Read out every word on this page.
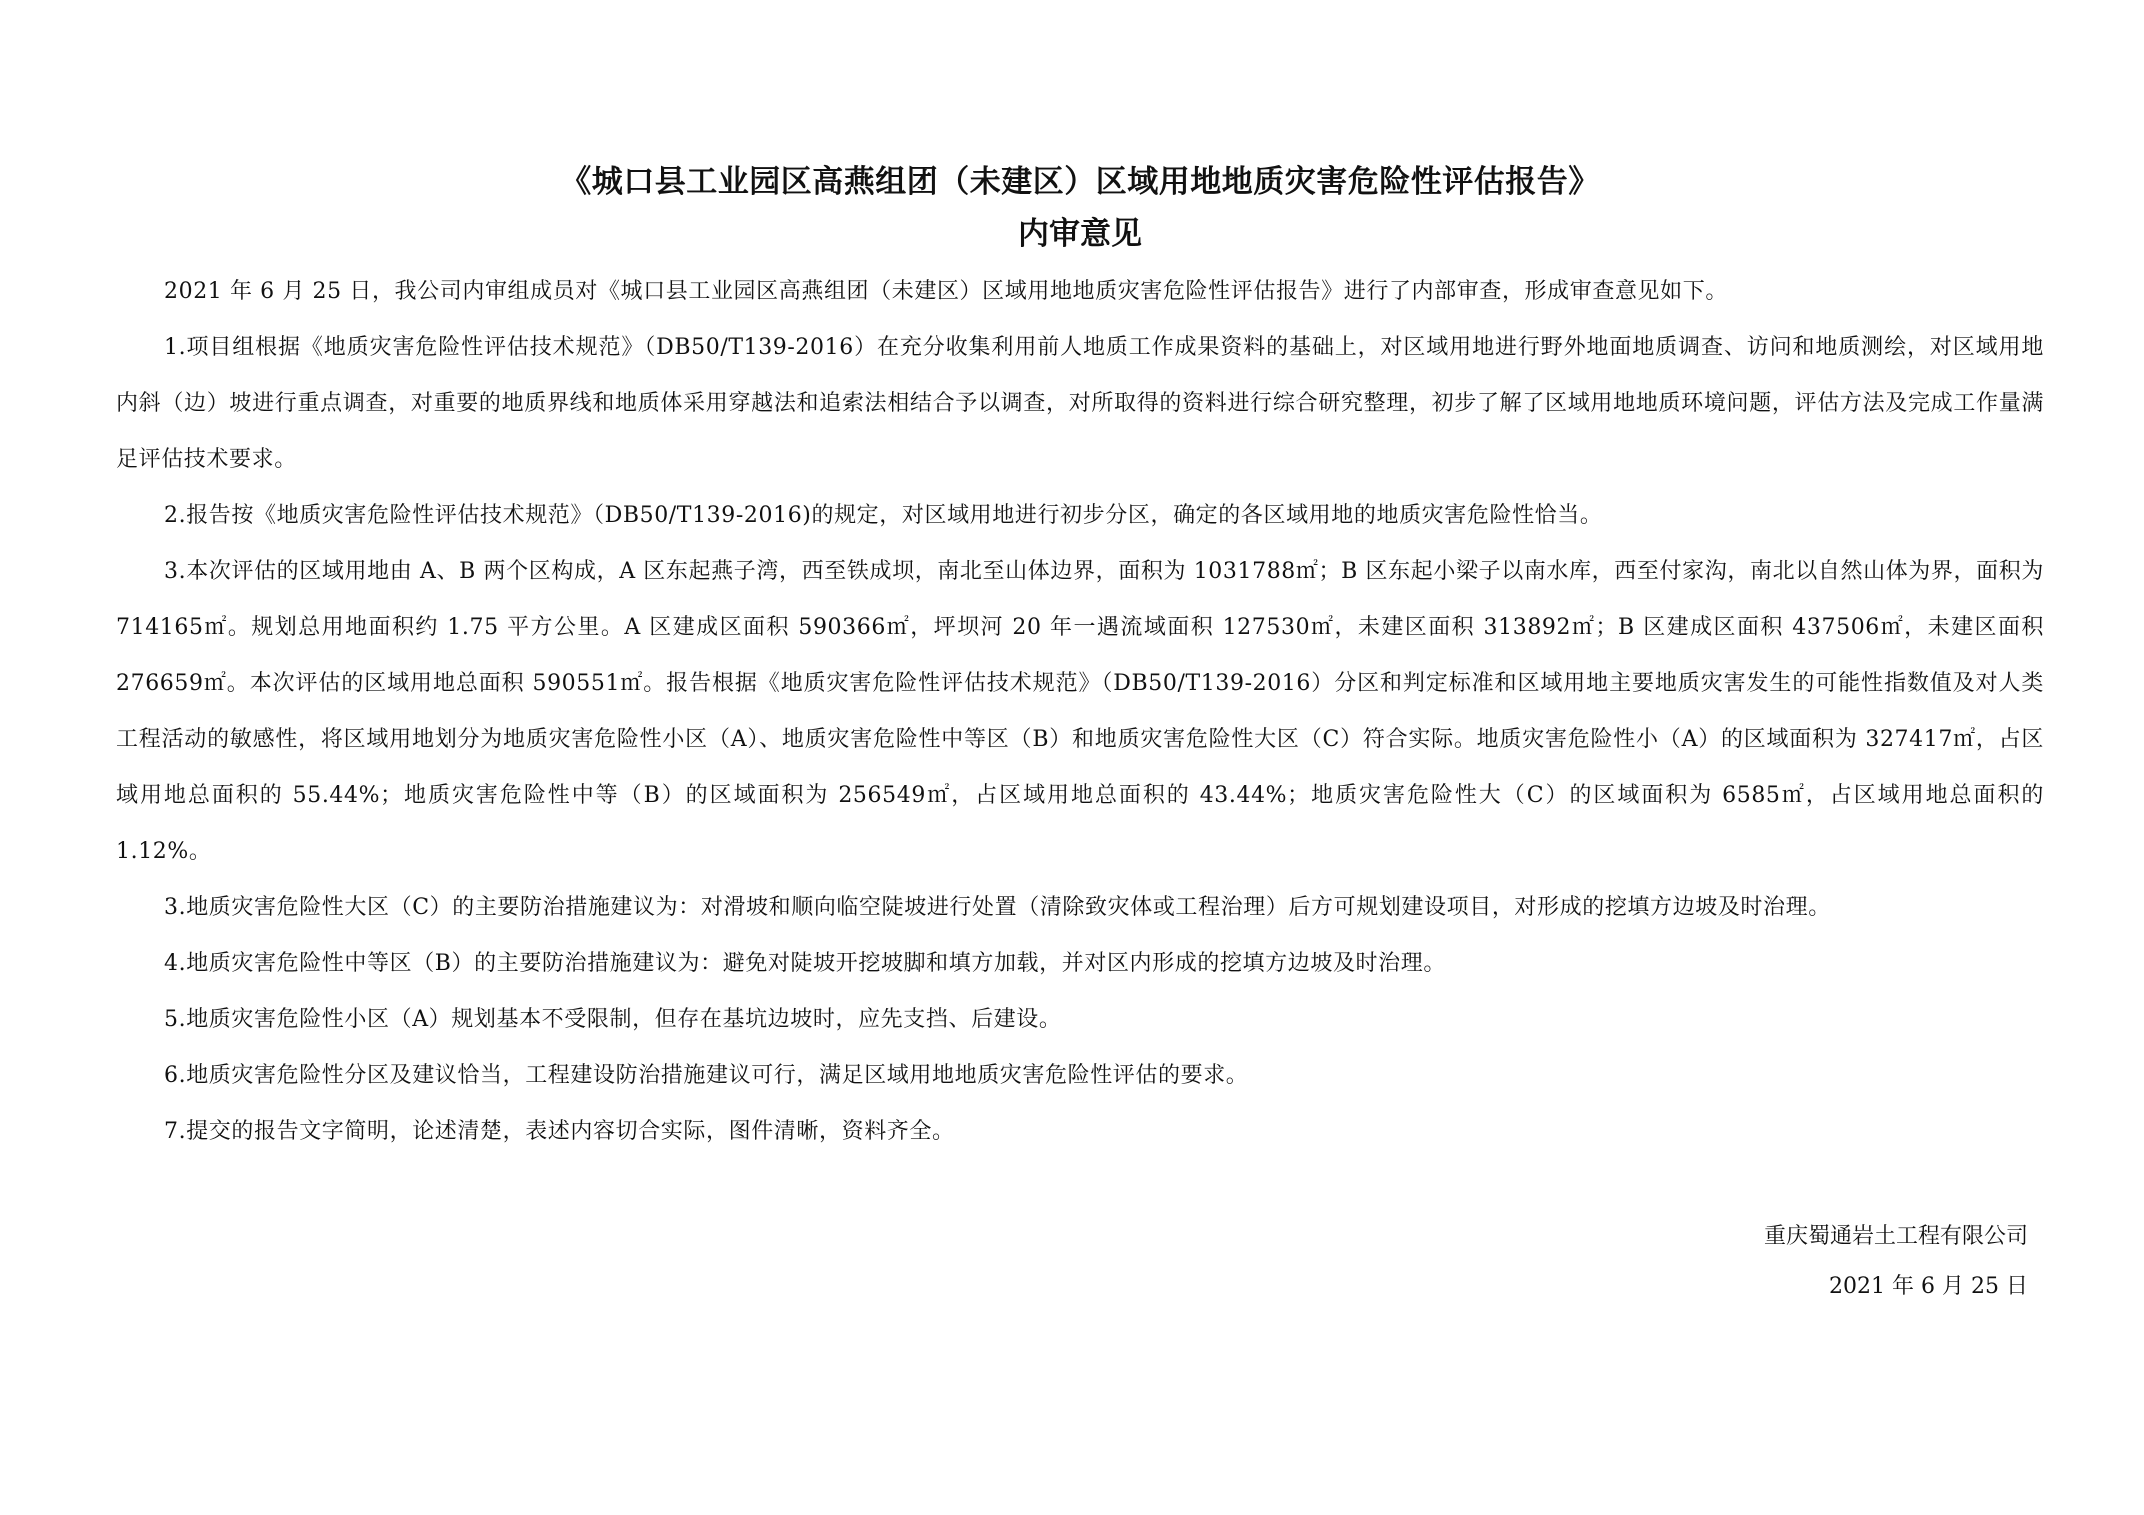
《城口县工业园区高燕组团（未建区）区域用地地质灾害危险性评估报告》
内审意见

2021 年 6 月 25 日，我公司内审组成员对《城口县工业园区高燕组团（未建区）区域用地地质灾害危险性评估报告》进行了内部审查，形成审查意见如下。

1.项目组根据《地质灾害危险性评估技术规范》（DB50/T139-2016）在充分收集利用前人地质工作成果资料的基础上，对区域用地进行野外地面地质调查、访问和地质测绘，对区域用地内斜（边）坡进行重点调查，对重要的地质界线和地质体采用穿越法和追索法相结合予以调查，对所取得的资料进行综合研究整理，初步了解了区域用地地质环境问题，评估方法及完成工作量满足评估技术要求。

2.报告按《地质灾害危险性评估技术规范》（DB50/T139-2016)的规定，对区域用地进行初步分区，确定的各区域用地的地质灾害危险性恰当。

3.本次评估的区域用地由 A、B 两个区构成，A 区东起燕子湾，西至铁成坝，南北至山体边界，面积为 1031788㎡；B 区东起小梁子以南水库，西至付家沟，南北以自然山体为界，面积为 714165㎡。规划总用地面积约 1.75 平方公里。A 区建成区面积 590366㎡，坪坝河 20 年一遇流域面积 127530㎡，未建区面积 313892㎡；B 区建成区面积 437506㎡，未建区面积 276659㎡。本次评估的区域用地总面积 590551㎡。报告根据《地质灾害危险性评估技术规范》（DB50/T139-2016）分区和判定标准和区域用地主要地质灾害发生的可能性指数值及对人类工程活动的敏感性，将区域用地划分为地质灾害危险性小区（A）、地质灾害危险性中等区（B）和地质灾害危险性大区（C）符合实际。地质灾害危险性小（A）的区域面积为 327417㎡，占区域用地总面积的 55.44%；地质灾害危险性中等（B）的区域面积为 256549㎡，占区域用地总面积的 43.44%；地质灾害危险性大（C）的区域面积为 6585㎡，占区域用地总面积的 1.12%。

3.地质灾害危险性大区（C）的主要防治措施建议为：对滑坡和顺向临空陡坡进行处置（清除致灾体或工程治理）后方可规划建设项目，对形成的挖填方边坡及时治理。

4.地质灾害危险性中等区（B）的主要防治措施建议为：避免对陡坡开挖坡脚和填方加载，并对区内形成的挖填方边坡及时治理。

5.地质灾害危险性小区（A）规划基本不受限制，但存在基坑边坡时，应先支挡、后建设。

6.地质灾害危险性分区及建议恰当，工程建设防治措施建议可行，满足区域用地地质灾害危险性评估的要求。

7.提交的报告文字简明，论述清楚，表述内容切合实际，图件清晰，资料齐全。

重庆蜀通岩土工程有限公司
2021 年 6 月 25 日
